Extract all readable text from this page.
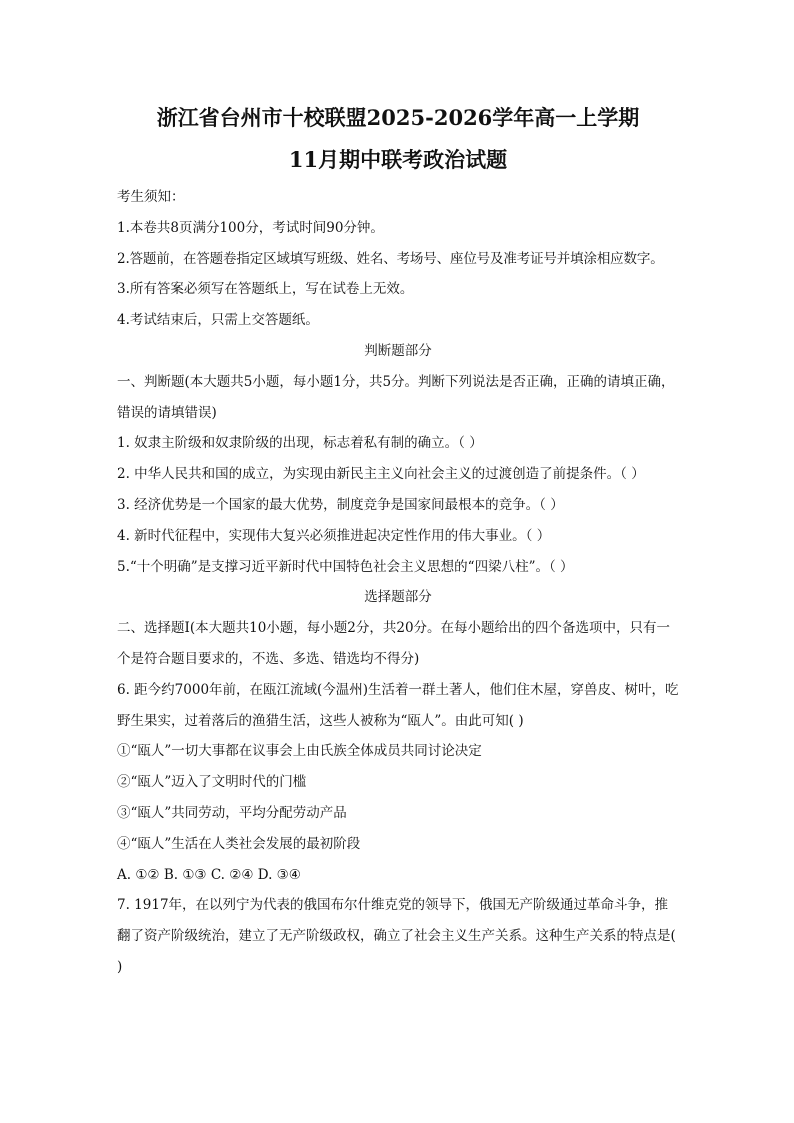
浙江省台州市十校联盟2025-2026学年高一上学期

11月期中联考政治试题

考生须知：

1.本卷共8页满分100分，考试时间90分钟。

2.答题前，在答题卷指定区域填写班级、姓名、考场号、座位号及准考证号并填涂相应数字。

3.所有答案必须写在答题纸上，写在试卷上无效。

4.考试结束后，只需上交答题纸。

判断题部分

一、判断题(本大题共5小题，每小题1分，共5分。判断下列说法是否正确，正确的请填正确，错误的请填错误)

1. 奴隶主阶级和奴隶阶级的出现，标志着私有制的确立。（ ）

2. 中华人民共和国的成立，为实现由新民主主义向社会主义的过渡创造了前提条件。（ ）

3. 经济优势是一个国家的最大优势，制度竞争是国家间最根本的竞争。（ ）

4. 新时代征程中，实现伟大复兴必须推进起决定性作用的伟大事业。（ ）

5.“十个明确”是支撑习近平新时代中国特色社会主义思想的“四梁八柱”。（ ）

选择题部分

二、选择题Ⅰ(本大题共10小题，每小题2分，共20分。在每小题给出的四个备选项中，只有一个是符合题目要求的，不选、多选、错选均不得分)

6. 距今约7000年前，在瓯江流域(今温州)生活着一群土著人，他们住木屋，穿兽皮、树叶，吃野生果实，过着落后的渔猎生活，这些人被称为“瓯人”。由此可知( )

①“瓯人”一切大事都在议事会上由氏族全体成员共同讨论决定

②“瓯人”迈入了文明时代的门槛

③“瓯人”共同劳动，平均分配劳动产品

④“瓯人”生活在人类社会发展的最初阶段

A. ①② B. ①③ C. ②④ D. ③④

7. 1917年，在以列宁为代表的俄国布尔什维克党的领导下，俄国无产阶级通过革命斗争，推翻了资产阶级统治，建立了无产阶级政权，确立了社会主义生产关系。这种生产关系的特点是( )
